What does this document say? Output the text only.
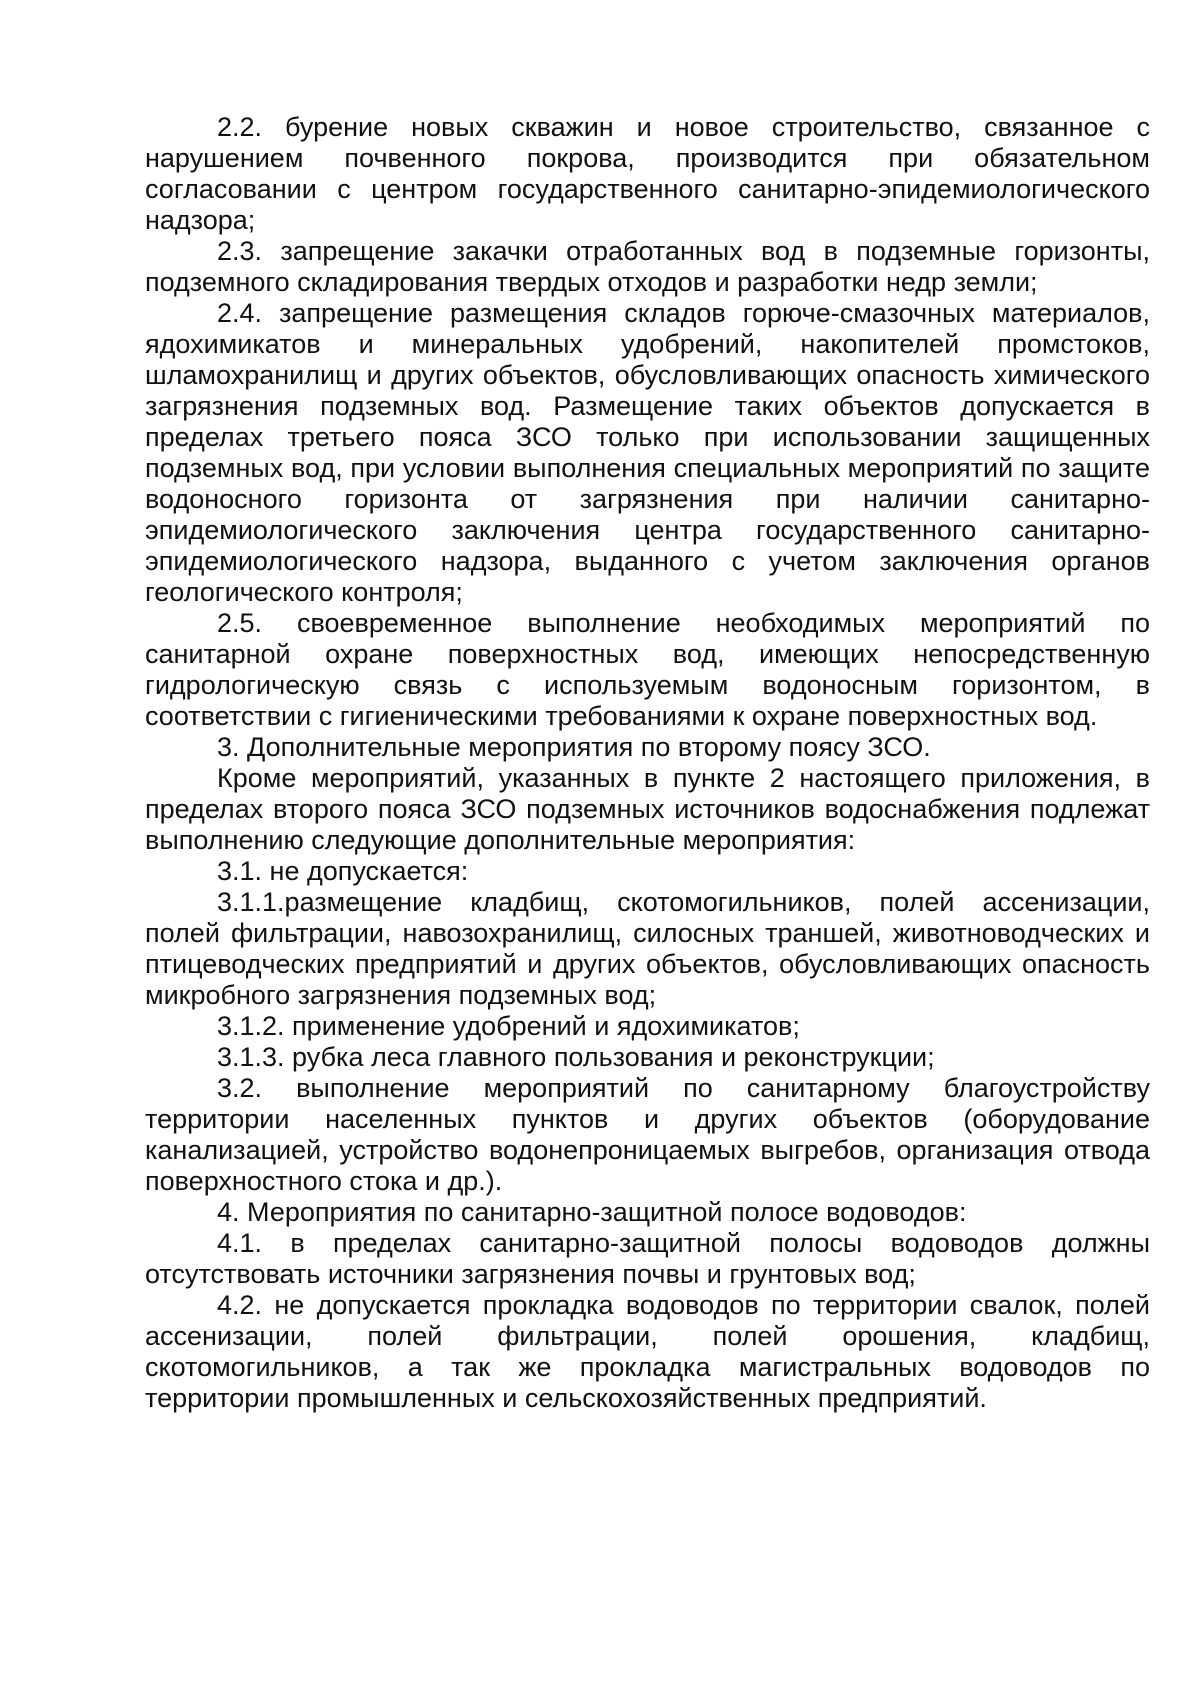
2.2. бурение новых скважин и новое строительство, связанное с нарушением почвенного покрова, производится при обязательном согласовании с центром государственного санитарно-эпидемиологического надзора;

2.3. запрещение закачки отработанных вод в подземные горизонты, подземного складирования твердых отходов и разработки недр земли;

2.4. запрещение размещения складов горюче-смазочных материалов, ядохимикатов и минеральных удобрений, накопителей промстоков, шламохранилищ и других объектов, обусловливающих опасность химического загрязнения подземных вод. Размещение таких объектов допускается в пределах третьего пояса ЗСО только при использовании защищенных подземных вод, при условии выполнения специальных мероприятий по защите водоносного горизонта от загрязнения при наличии санитарно-эпидемиологического заключения центра государственного санитарно-эпидемиологического надзора, выданного с учетом заключения органов геологического контроля;

2.5. своевременное выполнение необходимых мероприятий по санитарной охране поверхностных вод, имеющих непосредственную гидрологическую связь с используемым водоносным горизонтом, в соответствии с гигиеническими требованиями к охране поверхностных вод.

3. Дополнительные мероприятия по второму поясу ЗСО.

Кроме мероприятий, указанных в пункте 2 настоящего приложения, в пределах второго пояса ЗСО подземных источников водоснабжения подлежат выполнению следующие дополнительные мероприятия:

3.1. не допускается:

3.1.1.размещение кладбищ, скотомогильников, полей ассенизации, полей фильтрации, навозохранилищ, силосных траншей, животноводческих и птицеводческих предприятий и других объектов, обусловливающих опасность микробного загрязнения подземных вод;

3.1.2. применение удобрений и ядохимикатов;

3.1.3. рубка леса главного пользования и реконструкции;

3.2. выполнение мероприятий по санитарному благоустройству территории населенных пунктов и других объектов (оборудование канализацией, устройство водонепроницаемых выгребов, организация отвода поверхностного стока и др.).

4. Мероприятия по санитарно-защитной полосе водоводов:

4.1. в пределах санитарно-защитной полосы водоводов должны отсутствовать источники загрязнения почвы и грунтовых вод;

4.2. не допускается прокладка водоводов по территории свалок, полей ассенизации, полей фильтрации, полей орошения, кладбищ, скотомогильников, а так же прокладка магистральных водоводов по территории промышленных и сельскохозяйственных предприятий.
